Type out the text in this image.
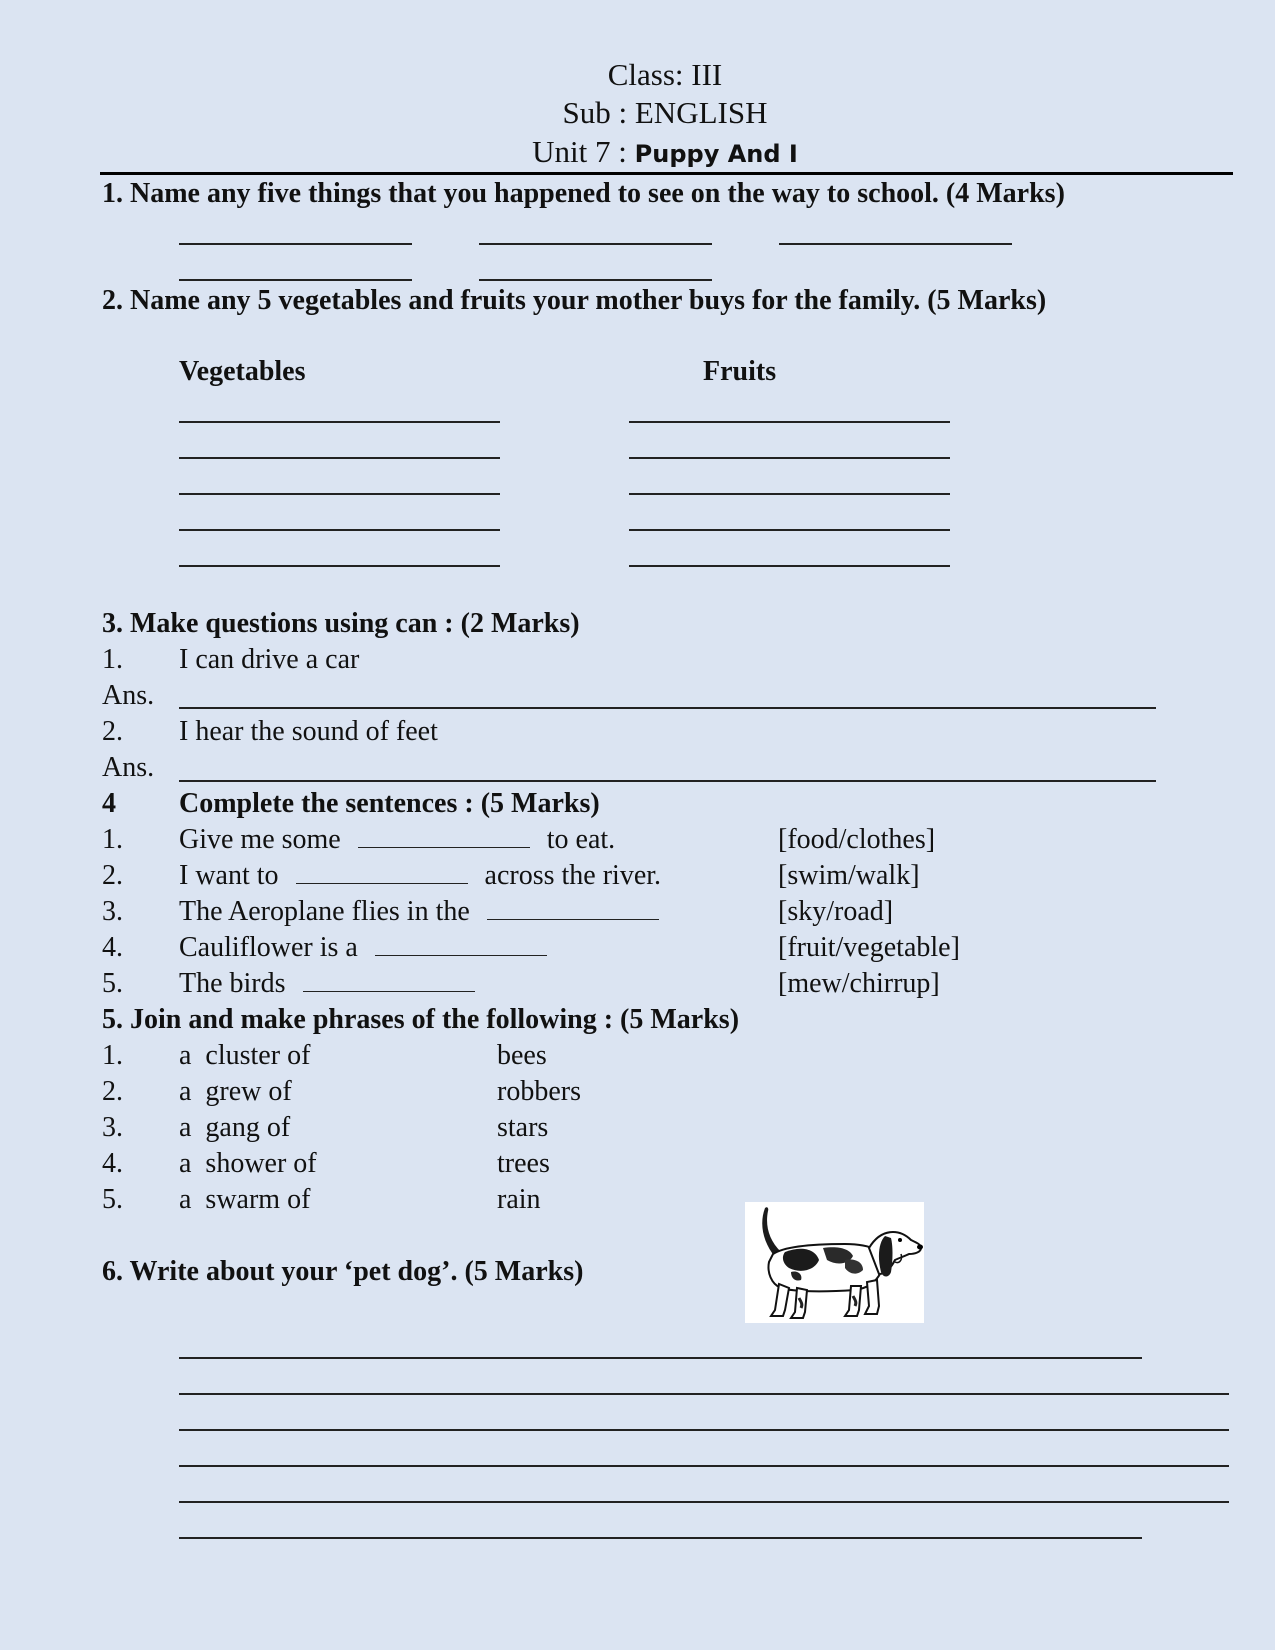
Class: III
Sub : ENGLISH
Unit 7 : Puppy And I
1. Name any five things that you happened to see on the way to school. (4 Marks)
2. Name any 5 vegetables and fruits your mother buys for the family. (5 Marks)
Vegetables	Fruits
3. Make questions using can : (2 Marks)
1. I can drive a car
Ans.
2. I hear the sound of feet
Ans.
4 Complete the sentences : (5 Marks)
1. Give me some	to eat.	[food/clothes]
2. I want to	across the river.	[swim/walk]
3. The Aeroplane flies in the	[sky/road]
4. Cauliflower is a	[fruit/vegetable]
5. The birds	[mew/chirrup]
5. Join and make phrases of the following : (5 Marks)
1. a  cluster of	bees
2. a  grew of	robbers
3. a  gang of	stars
4. a  shower of	trees
5. a  swarm of	rain
6. Write about your ‘pet dog’. (5 Marks)
